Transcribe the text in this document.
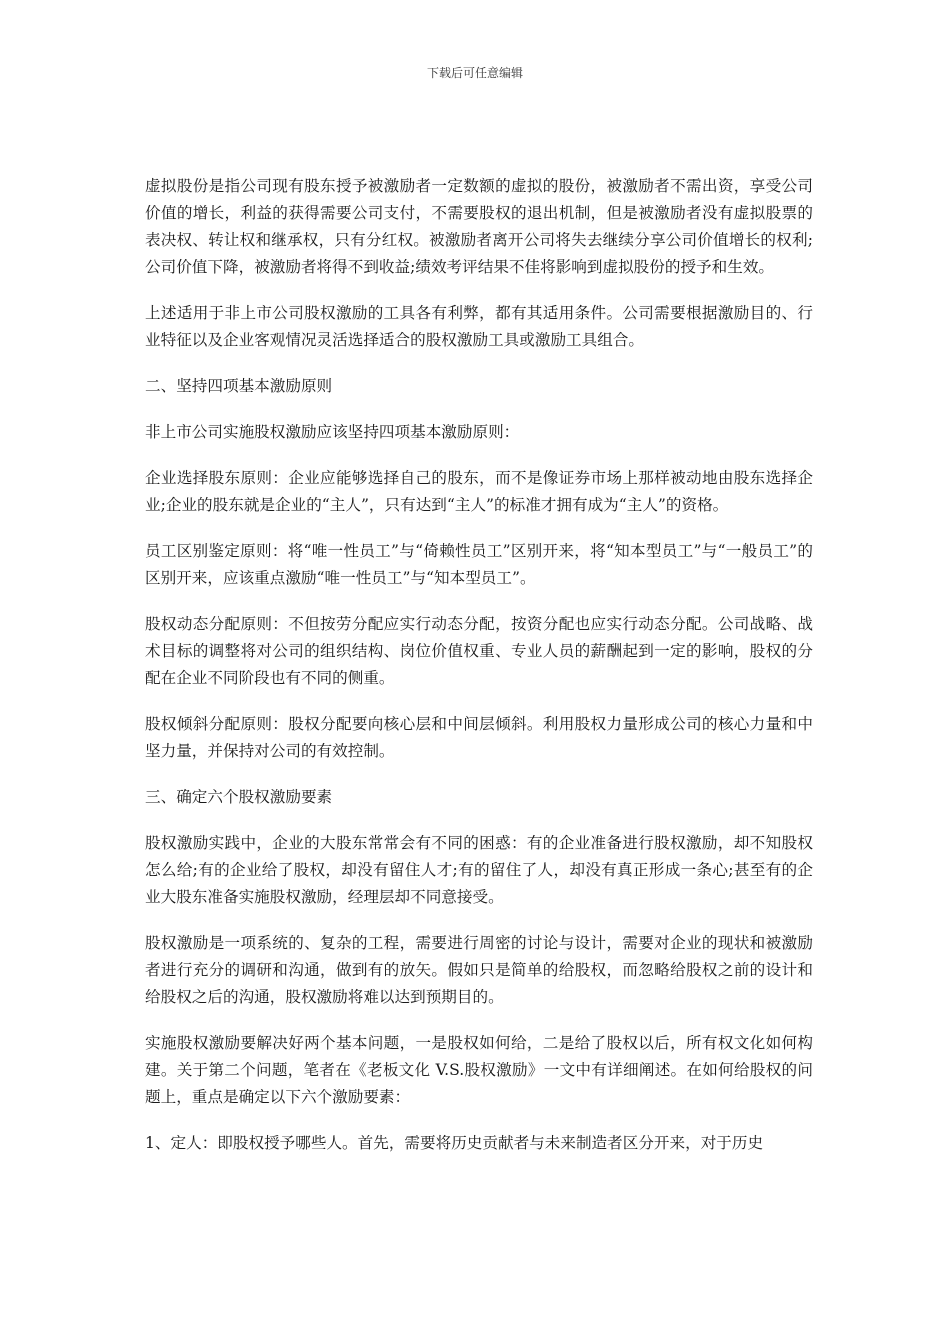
下载后可任意编辑

虚拟股份是指公司现有股东授予被激励者一定数额的虚拟的股份，被激励者不需出资，享受公司价值的增长，利益的获得需要公司支付，不需要股权的退出机制，但是被激励者没有虚拟股票的表决权、转让权和继承权，只有分红权。被激励者离开公司将失去继续分享公司价值增长的权利;公司价值下降，被激励者将得不到收益;绩效考评结果不佳将影响到虚拟股份的授予和生效。

上述适用于非上市公司股权激励的工具各有利弊，都有其适用条件。公司需要根据激励目的、行业特征以及企业客观情况灵活选择适合的股权激励工具或激励工具组合。

二、坚持四项基本激励原则

非上市公司实施股权激励应该坚持四项基本激励原则：

企业选择股东原则：企业应能够选择自己的股东，而不是像证券市场上那样被动地由股东选择企业;企业的股东就是企业的“主人”，只有达到“主人”的标准才拥有成为“主人”的资格。

员工区别鉴定原则：将“唯一性员工”与“倚赖性员工”区别开来，将“知本型员工”与“一般员工”的区别开来，应该重点激励“唯一性员工”与“知本型员工”。

股权动态分配原则：不但按劳分配应实行动态分配，按资分配也应实行动态分配。公司战略、战术目标的调整将对公司的组织结构、岗位价值权重、专业人员的薪酬起到一定的影响，股权的分配在企业不同阶段也有不同的侧重。

股权倾斜分配原则：股权分配要向核心层和中间层倾斜。利用股权力量形成公司的核心力量和中坚力量，并保持对公司的有效控制。

三、确定六个股权激励要素

股权激励实践中，企业的大股东常常会有不同的困惑：有的企业准备进行股权激励，却不知股权怎么给;有的企业给了股权，却没有留住人才;有的留住了人，却没有真正形成一条心;甚至有的企业大股东准备实施股权激励，经理层却不同意接受。

股权激励是一项系统的、复杂的工程，需要进行周密的讨论与设计，需要对企业的现状和被激励者进行充分的调研和沟通，做到有的放矢。假如只是简单的给股权，而忽略给股权之前的设计和给股权之后的沟通，股权激励将难以达到预期目的。

实施股权激励要解决好两个基本问题，一是股权如何给，二是给了股权以后，所有权文化如何构建。关于第二个问题，笔者在《老板文化 V.S.股权激励》一文中有详细阐述。在如何给股权的问题上，重点是确定以下六个激励要素：

1、定人：即股权授予哪些人。首先，需要将历史贡献者与未来制造者区分开来，对于历史
